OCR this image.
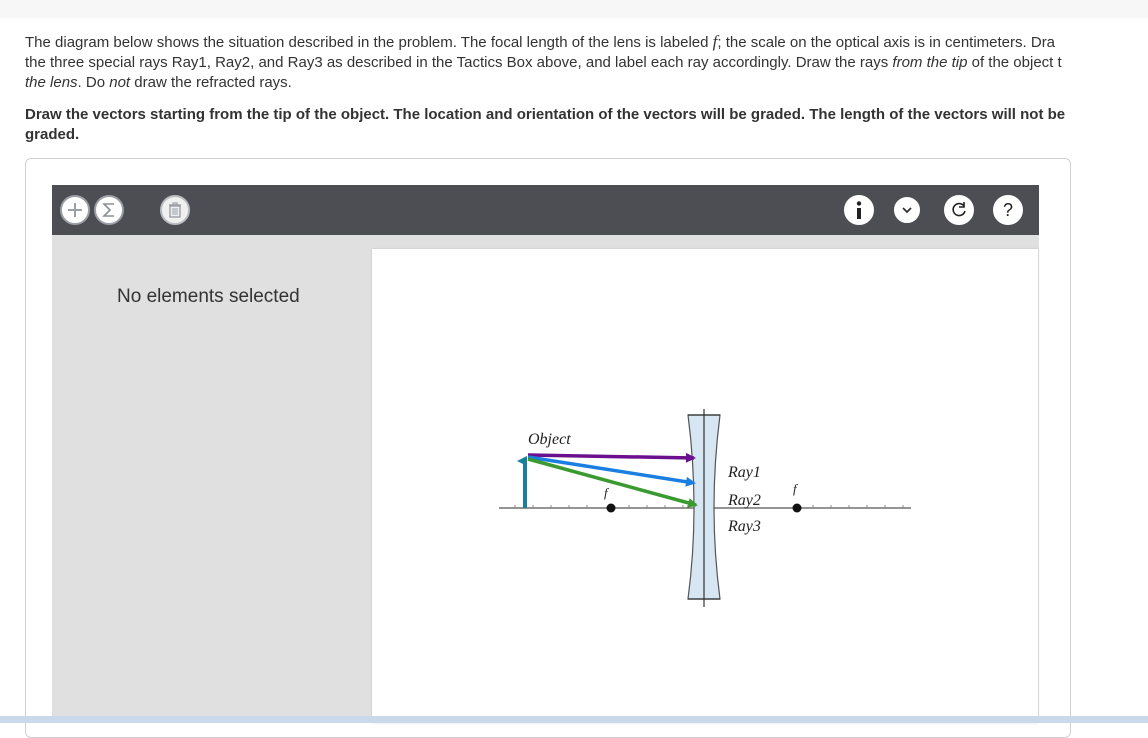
The diagram below shows the situation described in the problem. The focal length of the lens is labeled f; the scale on the optical axis is in centimeters. Dra
the three special rays Ray1, Ray2, and Ray3 as described in the Tactics Box above, and label each ray accordingly. Draw the rays from the tip of the object t
the lens. Do not draw the refracted rays.
Draw the vectors starting from the tip of the object. The location and orientation of the vectors will be graded. The length of the vectors will not be
graded.
?
No elements selected
f	f
Object
Ray1
Ray2
Ray3
